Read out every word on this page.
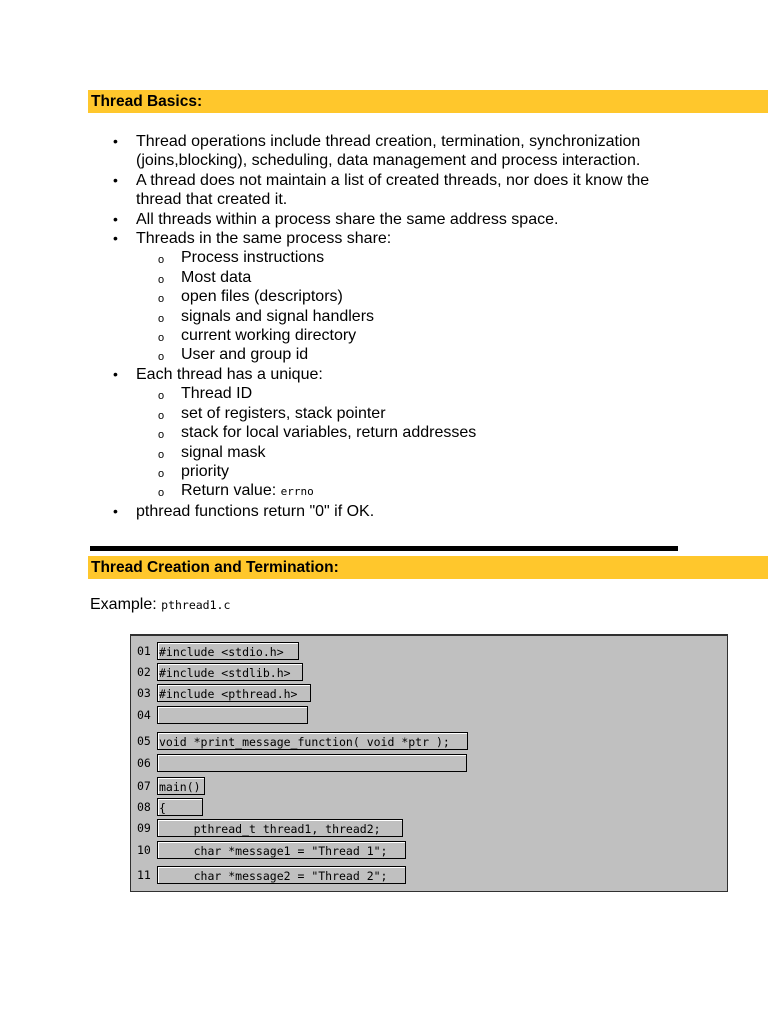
Thread Basics:
• Thread operations include thread creation, termination, synchronization (joins,blocking), scheduling, data management and process interaction.
• A thread does not maintain a list of created threads, nor does it know the thread that created it.
• All threads within a process share the same address space.
• Threads in the same process share:
o Process instructions
o Most data
o open files (descriptors)
o signals and signal handlers
o current working directory
o User and group id
• Each thread has a unique:
o Thread ID
o set of registers, stack pointer
o stack for local variables, return addresses
o signal mask
o priority
o Return value: errno
• pthread functions return "0" if OK.
Thread Creation and Termination:
Example: pthread1.c
01 #include <stdio.h>
02 #include <stdlib.h>
03 #include <pthread.h>
04
05 void *print_message_function( void *ptr );
06
07 main()
08 {
09 pthread_t thread1, thread2;
10 char *message1 = "Thread 1";
11 char *message2 = "Thread 2";
